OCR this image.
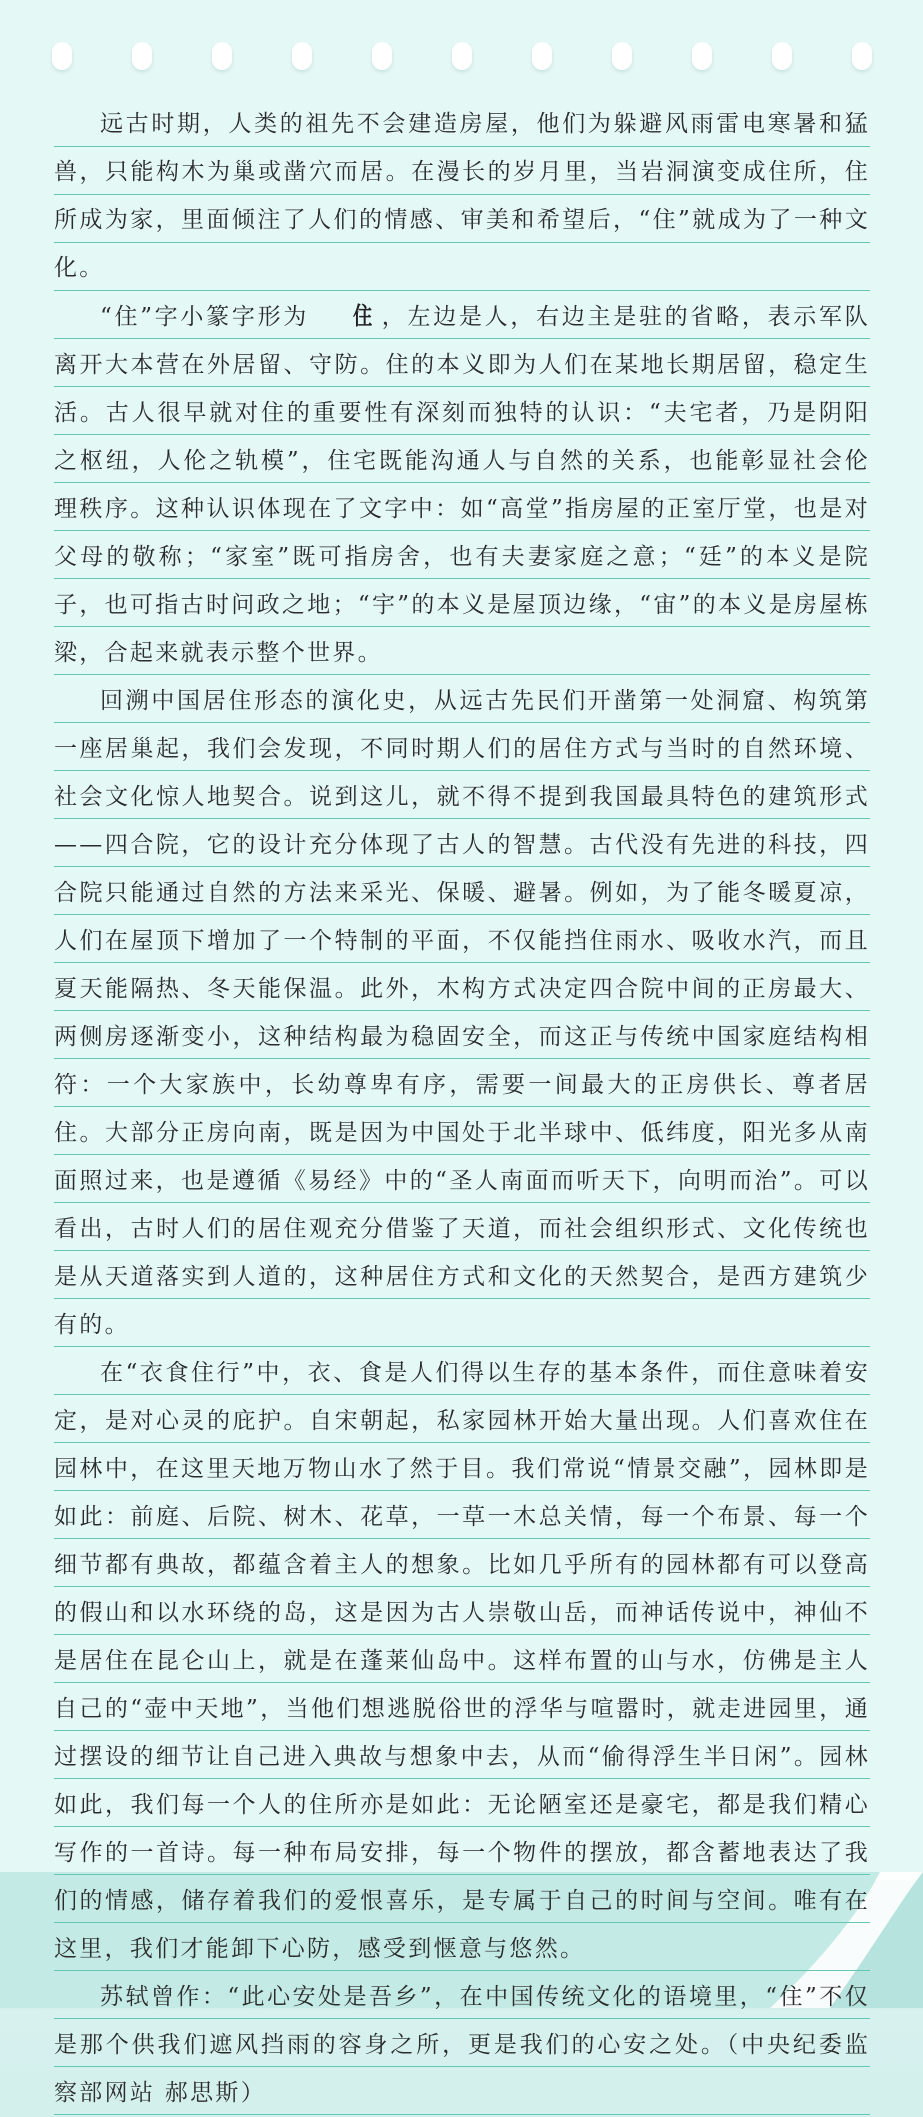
远古时期，人类的祖先不会建造房屋，他们为躲避风雨雷电寒暑和猛兽，只能构木为巢或凿穴而居。在漫长的岁月里，当岩洞演变成住所，住所成为家，里面倾注了人们的情感、审美和希望后，“住”就成为了一种文化。

“住”字小篆字形为 住 ，左边是人，右边主是驻的省略，表示军队离开大本营在外居留、守防。住的本义即为人们在某地长期居留，稳定生活。古人很早就对住的重要性有深刻而独特的认识：“夫宅者，乃是阴阳之枢纽，人伦之轨模”，住宅既能沟通人与自然的关系，也能彰显社会伦理秩序。这种认识体现在了文字中：如“高堂”指房屋的正室厅堂，也是对父母的敬称；“家室”既可指房舍，也有夫妻家庭之意；“廷”的本义是院子，也可指古时问政之地；“宇”的本义是屋顶边缘，“宙”的本义是房屋栋梁，合起来就表示整个世界。

回溯中国居住形态的演化史，从远古先民们开凿第一处洞窟、构筑第一座居巢起，我们会发现，不同时期人们的居住方式与当时的自然环境、社会文化惊人地契合。说到这儿，就不得不提到我国最具特色的建筑形式——四合院，它的设计充分体现了古人的智慧。古代没有先进的科技，四合院只能通过自然的方法来采光、保暖、避暑。例如，为了能冬暖夏凉，人们在屋顶下增加了一个特制的平面，不仅能挡住雨水、吸收水汽，而且夏天能隔热、冬天能保温。此外，木构方式决定四合院中间的正房最大、两侧房逐渐变小，这种结构最为稳固安全，而这正与传统中国家庭结构相符：一个大家族中，长幼尊卑有序，需要一间最大的正房供长、尊者居住。大部分正房向南，既是因为中国处于北半球中、低纬度，阳光多从南面照过来，也是遵循《易经》中的“圣人南面而听天下，向明而治”。可以看出，古时人们的居住观充分借鉴了天道，而社会组织形式、文化传统也是从天道落实到人道的，这种居住方式和文化的天然契合，是西方建筑少有的。

在“衣食住行”中，衣、食是人们得以生存的基本条件，而住意味着安定，是对心灵的庇护。自宋朝起，私家园林开始大量出现。人们喜欢住在园林中，在这里天地万物山水了然于目。我们常说“情景交融”，园林即是如此：前庭、后院、树木、花草，一草一木总关情，每一个布景、每一个细节都有典故，都蕴含着主人的想象。比如几乎所有的园林都有可以登高的假山和以水环绕的岛，这是因为古人崇敬山岳，而神话传说中，神仙不是居住在昆仑山上，就是在蓬莱仙岛中。这样布置的山与水，仿佛是主人自己的“壶中天地”，当他们想逃脱俗世的浮华与喧嚣时，就走进园里，通过摆设的细节让自己进入典故与想象中去，从而“偷得浮生半日闲”。园林如此，我们每一个人的住所亦是如此：无论陋室还是豪宅，都是我们精心写作的一首诗。每一种布局安排，每一个物件的摆放，都含蓄地表达了我们的情感，储存着我们的爱恨喜乐，是专属于自己的时间与空间。唯有在这里，我们才能卸下心防，感受到惬意与悠然。

苏轼曾作：“此心安处是吾乡”，在中国传统文化的语境里，“住”不仅是那个供我们遮风挡雨的容身之所，更是我们的心安之处。（中央纪委监察部网站 郝思斯）
